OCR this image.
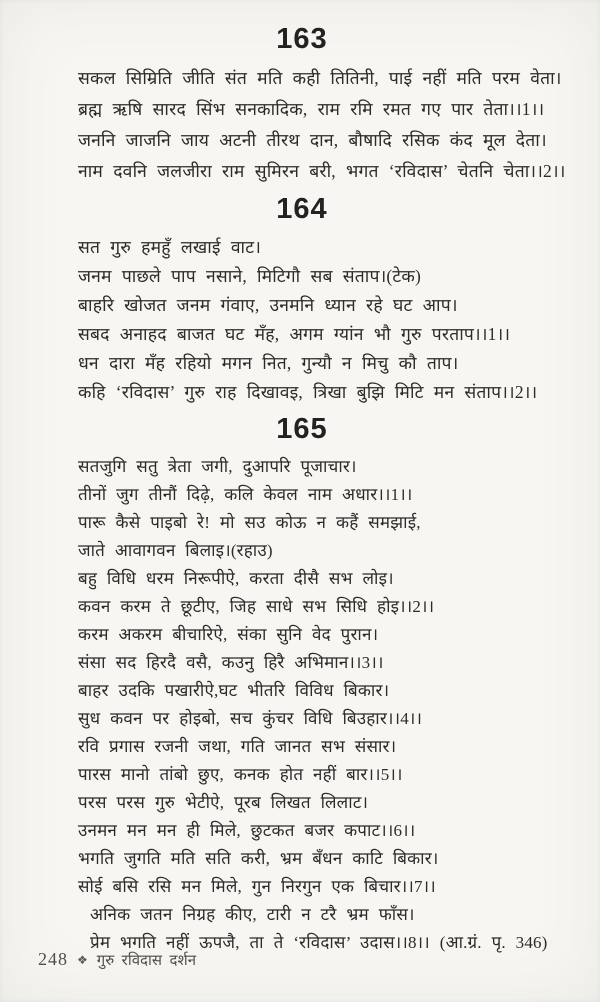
163

सकल सिम्रिति जीति संत मति कही तितिनी, पाई नहीं मति परम वेता।

ब्रह्म ऋषि सारद सिंभ सनकादिक, राम रमि रमत गए पार तेता।।1।।

जननि जाजनि जाय अटनी तीरथ दान, बौषादि रसिक कंद मूल देता।

नाम दवनि जलजीरा राम सुमिरन बरी, भगत ‘रविदास’ चेतनि चेता।।2।।

164

सत गुरु हमहुँ लखाई वाट।

जनम पाछले पाप नसाने, मिटिगौ सब संताप।(टेक)

बाहरि खोजत जनम गंवाए, उनमनि ध्यान रहे घट आप।

सबद अनाहद बाजत घट मँह, अगम ग्यांन भौ गुरु परताप।।1।।

धन दारा मँह रहियो मगन नित, गुन्यौ न मिचु कौ ताप।

कहि ‘रविदास’ गुरु राह दिखावइ, त्रिखा बुझि मिटि मन संताप।।2।।

165

सतजुगि सतु त्रेता जगी, दुआपरि पूजाचार।

तीनों जुग तीनौं दिढ़े, कलि केवल नाम अधार।।1।।

पारू कैसे पाइबो रे! मो सउ कोऊ न कहैं समझाई,

जाते आवागवन बिलाइ।(रहाउ)

बहु विधि धरम निरूपीऐ, करता दीसै सभ लोइ।

कवन करम ते छूटीए, जिह साधे सभ सिधि होइ।।2।।

करम अकरम बीचारिऐ, संका सुनि वेद पुरान।

संसा सद हिरदै वसै, कउनु हिरै अभिमान।।3।।

बाहर उदकि पखारीऐ,घट भीतरि विविध बिकार।

सुध कवन पर होइबो, सच कुंचर विधि बिउहार।।4।।

रवि प्रगास रजनी जथा, गति जानत सभ संसार।

पारस मानो तांबो छुए, कनक होत नहीं बार।।5।।

परस परस गुरु भेटीऐ, पूरब लिखत लिलाट।

उनमन मन मन ही मिले, छुटकत बजर कपाट।।6।।

भगति जुगति मति सति करी, भ्रम बँधन काटि बिकार।

सोई बसि रसि मन मिले, गुन निरगुन एक बिचार।।7।।

अनिक जतन निग्रह कीए, टारी न टरै भ्रम फाँस।

प्रेम भगति नहीं ऊपजै, ता ते ‘रविदास’ उदास।।8।। (आ.ग्रं. पृ. 346)

248 ❖ गुरु रविदास दर्शन
